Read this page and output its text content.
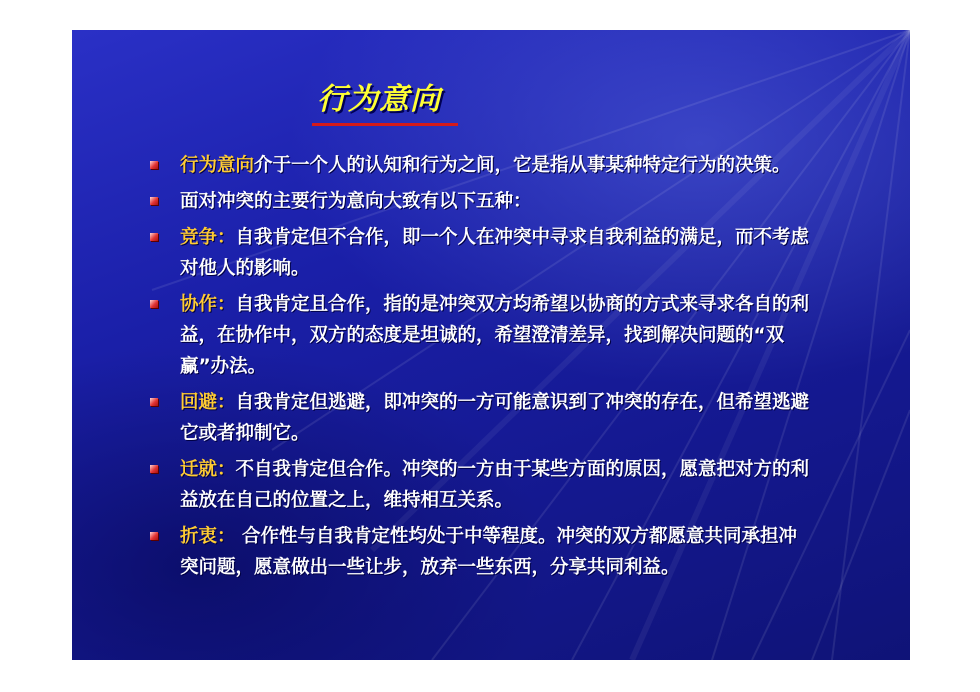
行为意向
行为意向介于一个人的认知和行为之间，它是指从事某种特定行为的决策。
面对冲突的主要行为意向大致有以下五种：
竞争：自我肯定但不合作，即一个人在冲突中寻求自我利益的满足，而不考虑对他人的影响。
协作：自我肯定且合作，指的是冲突双方均希望以协商的方式来寻求各自的利益，在协作中，双方的态度是坦诚的，希望澄清差异，找到解决问题的“双赢”办法。
回避：自我肯定但逃避，即冲突的一方可能意识到了冲突的存在，但希望逃避它或者抑制它。
迁就：不自我肯定但合作。冲突的一方由于某些方面的原因，愿意把对方的利益放在自己的位置之上，维持相互关系。
折衷： 合作性与自我肯定性均处于中等程度。冲突的双方都愿意共同承担冲突问题，愿意做出一些让步，放弃一些东西，分享共同利益。
